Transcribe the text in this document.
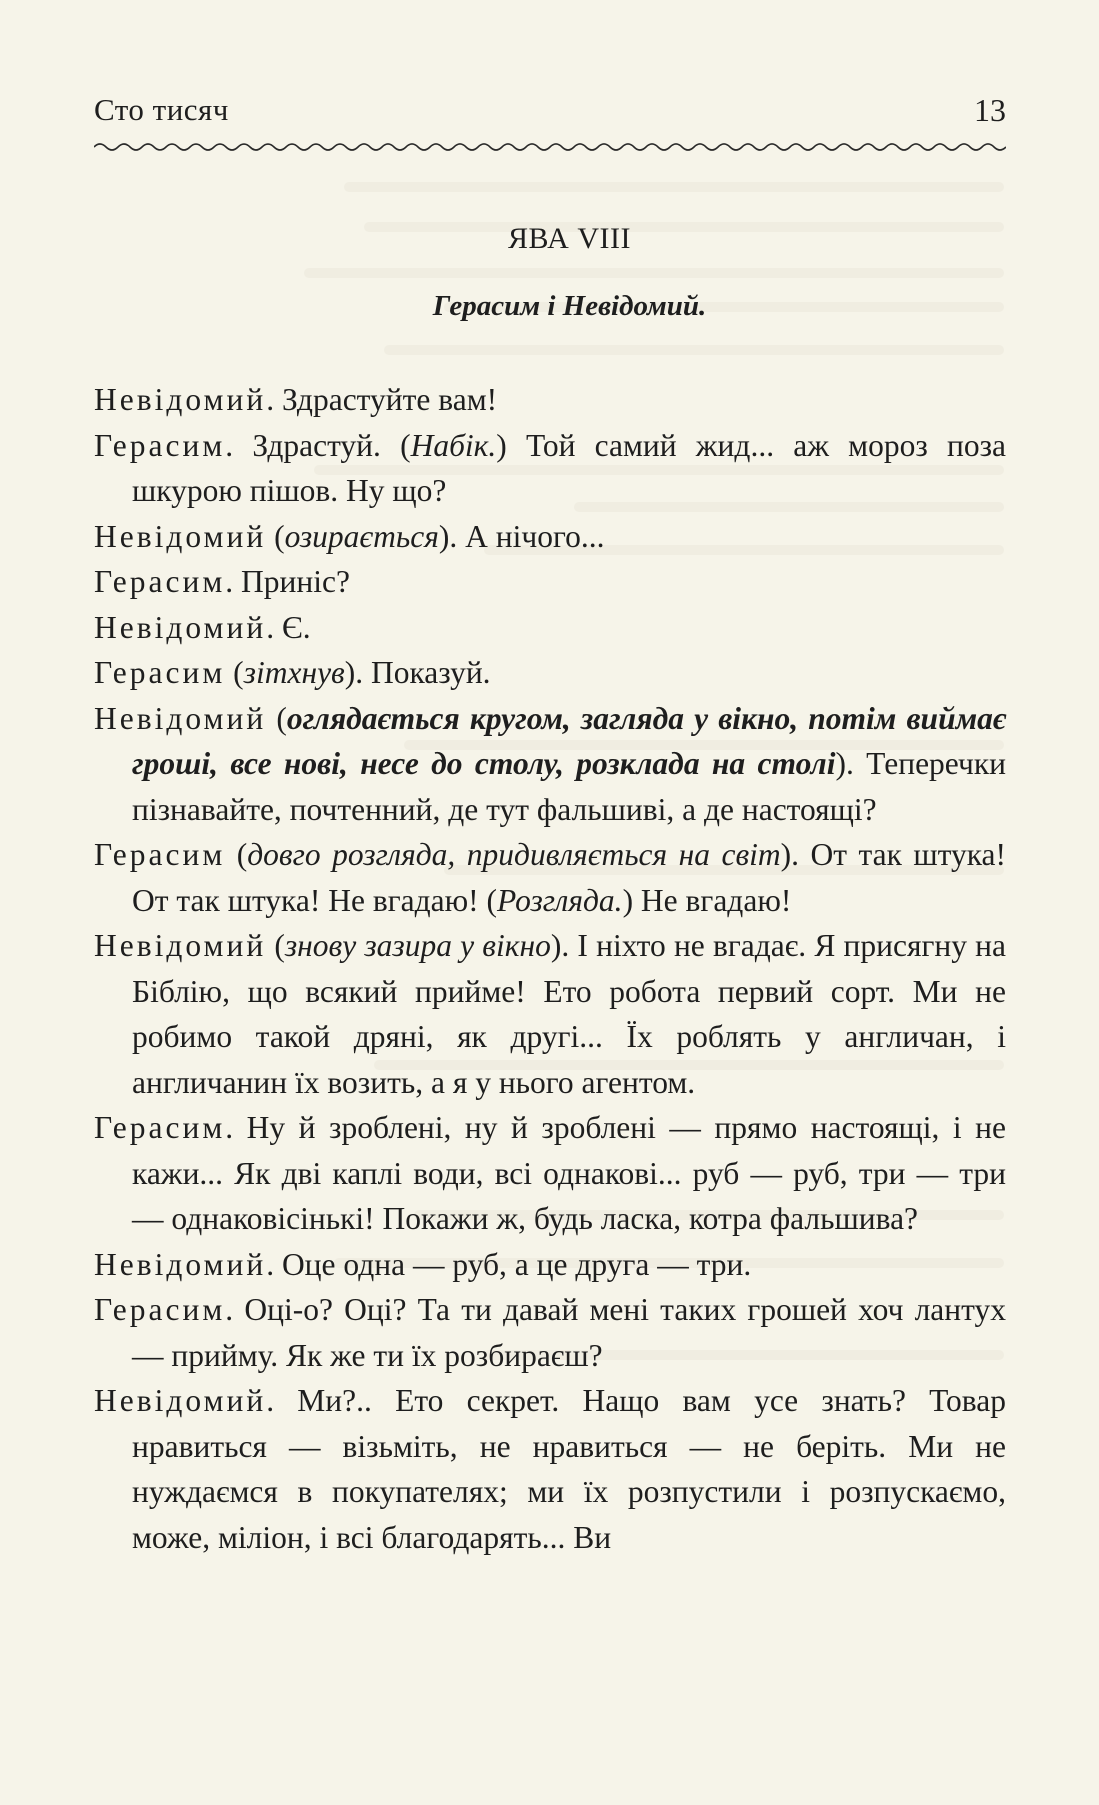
Сто тисяч	13
ЯВА VIII
Герасим і Невідомий.
Невідомий. Здрастуйте вам!
Герасим. Здрастуй. (Набік.) Той самий жид... аж мороз поза шкурою пішов. Ну що?
Невідомий (озирається). А нічого...
Герасим. Приніс?
Невідомий. Є.
Герасим (зітхнув). Показуй.
Невідомий (оглядається кругом, загляда у вікно, потім виймає гроші, все нові, несе до столу, розклада на столі). Теперечки пізнавайте, почтенний, де тут фальшиві, а де настоящі?
Герасим (довго розгляда, придивляється на світ). От так штука! От так штука! Не вгадаю! (Розгляда.) Не вгадаю!
Невідомий (знову зазира у вікно). І ніхто не вгадає. Я присягну на Біблію, що всякий прийме! Ето робота первий сорт. Ми не робимо такой дряні, як другі... Їх роблять у англичан, і англичанин їх возить, а я у нього агентом.
Герасим. Ну й зроблені, ну й зроблені — прямо настоящі, і не кажи... Як дві каплі води, всі однакові... руб — руб, три — три — однаковісінькі! Покажи ж, будь ласка, котра фальшива?
Невідомий. Оце одна — руб, а це друга — три.
Герасим. Оці-о? Оці? Та ти давай мені таких грошей хоч лантух — прийму. Як же ти їх розбираєш?
Невідомий. Ми?.. Ето секрет. Нащо вам усе знать? Товар нравиться — візьміть, не нравиться — не беріть. Ми не нуждаємся в покупателях; ми їх розпустили і розпускаємо, може, міліон, і всі благодарять... Ви
